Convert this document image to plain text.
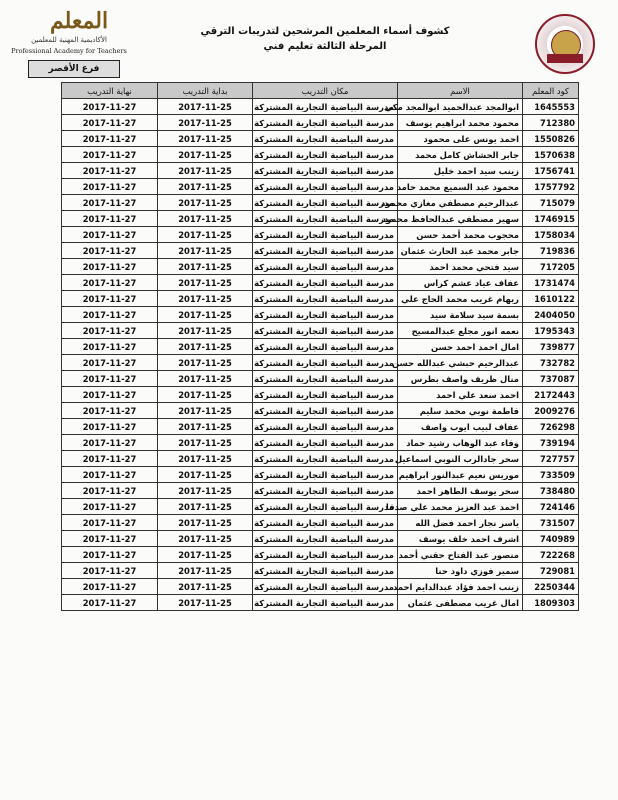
المعلم
الأكاديمية المهنية للمعلمين
Professional Academy for Teachers
فرع الأقصر
كشوف أسماء المعلمين المرشحين لتدريبات الترقي
المرحلة الثالثة تعليم فني
كود المعلم	الاسم	مكان التدريب	بداية التدريب	نهاية التدريب
1645553	ابوالمجد عبدالحميد ابوالمجد مكي	مدرسة البياضية التجارية المشتركة	2017-11-25	2017-11-27
712380	محمود محمد ابراهيم يوسف	مدرسة البياضية التجارية المشتركة	2017-11-25	2017-11-27
1550826	احمد يونس على محمود	مدرسة البياضية التجارية المشتركة	2017-11-25	2017-11-27
1570638	جابر الحشاش كامل محمد	مدرسة البياضية التجارية المشتركة	2017-11-25	2017-11-27
1756741	زينب سيد احمد خليل	مدرسة البياضية التجارية المشتركة	2017-11-25	2017-11-27
1757792	محمود عبد السميع محمد حامد	مدرسة البياضية التجارية المشتركة	2017-11-25	2017-11-27
715079	عبدالرحيم مصطفي مغازي محمود	مدرسة البياضية التجارية المشتركة	2017-11-25	2017-11-27
1746915	سهير مصطفي عبدالحافظ محمود	مدرسة البياضية التجارية المشتركة	2017-11-25	2017-11-27
1758034	محجوب محمد أحمد حسن	مدرسة البياضية التجارية المشتركة	2017-11-25	2017-11-27
719836	جابر محمد عبد الحارث عثمان	مدرسة البياضية التجارية المشتركة	2017-11-25	2017-11-27
717205	سيد فتحي محمد احمد	مدرسة البياضية التجارية المشتركة	2017-11-25	2017-11-27
1731474	عفاف عياد عشم كراس	مدرسة البياضية التجارية المشتركة	2017-11-25	2017-11-27
1610122	ريهام غريب محمد الحاج علي	مدرسة البياضية التجارية المشتركة	2017-11-25	2017-11-27
2404050	بسمة سيد سلامة سيد	مدرسة البياضية التجارية المشتركة	2017-11-25	2017-11-27
1795343	نعمه انور مجلع عبدالمسيح	مدرسة البياضية التجارية المشتركة	2017-11-25	2017-11-27
739877	امال احمد احمد حسن	مدرسة البياضية التجارية المشتركة	2017-11-25	2017-11-27
732782	عبدالرحيم حبشي عبدالله حسن	مدرسة البياضية التجارية المشتركة	2017-11-25	2017-11-27
737087	منال ظريف واصف بطرس	مدرسة البياضية التجارية المشتركة	2017-11-25	2017-11-27
2172443	احمد سعد علي احمد	مدرسة البياضية التجارية المشتركة	2017-11-25	2017-11-27
2009276	فاطمة نوبي محمد سليم	مدرسة البياضية التجارية المشتركة	2017-11-25	2017-11-27
726298	عفاف لبيب ايوب واصف	مدرسة البياضية التجارية المشتركة	2017-11-25	2017-11-27
739194	وفاء عبد الوهاب رشيد حماد	مدرسة البياضية التجارية المشتركة	2017-11-25	2017-11-27
727757	سحر جادالرب النوبي اسماعيل	مدرسة البياضية التجارية المشتركة	2017-11-25	2017-11-27
733509	موريس نعيم عبدالنور ابراهيم	مدرسة البياضية التجارية المشتركة	2017-11-25	2017-11-27
738480	سحر يوسف الطاهر احمد	مدرسة البياضية التجارية المشتركة	2017-11-25	2017-11-27
724146	احمد عبد العزيز محمد علي صدقا	مدرسة البياضية التجارية المشتركة	2017-11-25	2017-11-27
731507	ياسر نجار احمد فضل الله	مدرسة البياضية التجارية المشتركة	2017-11-25	2017-11-27
740989	اشرف احمد خلف يوسف	مدرسة البياضية التجارية المشتركة	2017-11-25	2017-11-27
722268	منصور عبد الفتاح حقني أحمد	مدرسة البياضية التجارية المشتركة	2017-11-25	2017-11-27
729081	سمير فوزي داود حنا	مدرسة البياضية التجارية المشتركة	2017-11-25	2017-11-27
2250344	زينب احمد فؤاد عبدالدايم احمد	مدرسة البياضية التجارية المشتركة	2017-11-25	2017-11-27
1809303	امال غريب مصطفى عثمان	مدرسة البياضية التجارية المشتركة	2017-11-25	2017-11-27
